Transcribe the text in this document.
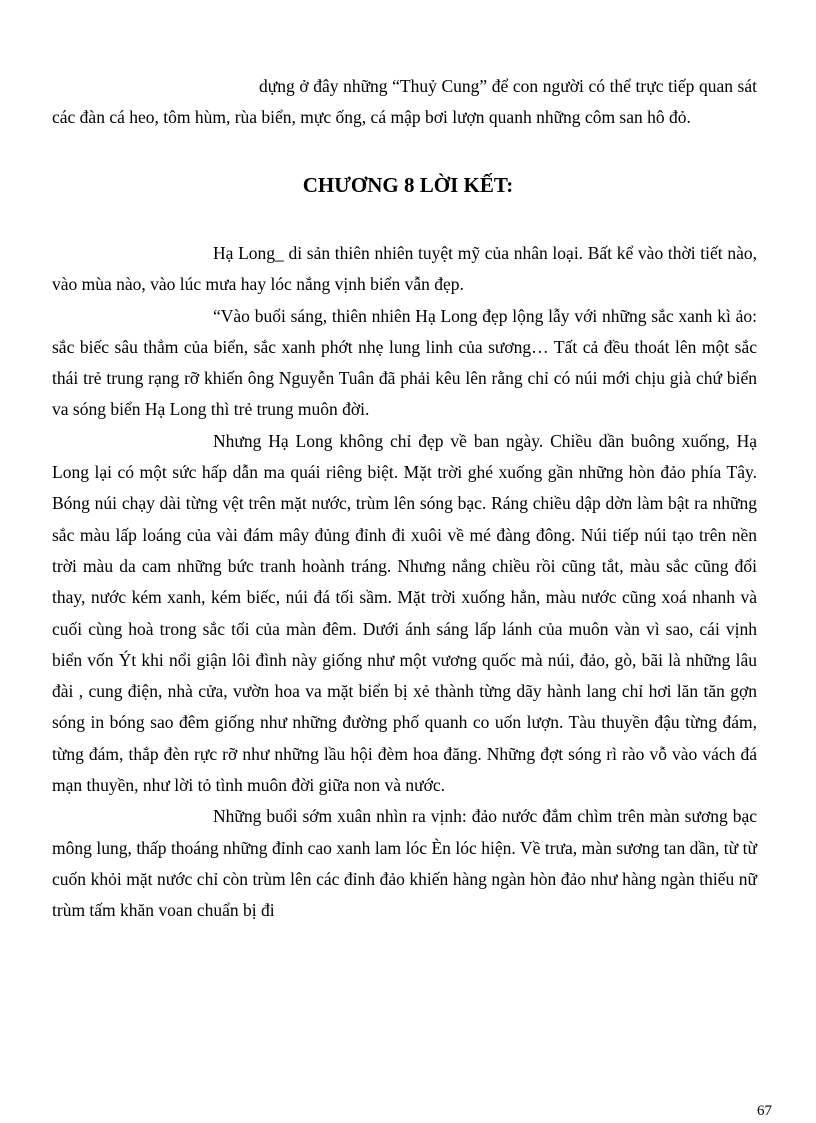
dựng ở đây những “Thuỷ Cung” để con người có thể trực tiếp quan sát các đàn cá heo, tôm hùm, rùa biển, mực ống, cá mập bơi lượn quanh những côm san hô đỏ.

CHƯƠNG 8 LỜI KẾT:

Hạ Long_ di sản thiên nhiên tuyệt mỹ của nhân loại. Bất kể vào thời tiết nào, vào mùa nào, vào lúc mưa hay lóc nắng vịnh biển vẫn đẹp.

“Vào buổi sáng, thiên nhiên Hạ Long đẹp lộng lẫy với những sắc xanh kì ảo: sắc biếc sâu thẳm của biển, sắc xanh phớt nhẹ lung linh của sương… Tất cả đều thoát lên một sắc thái trẻ trung rạng rỡ khiến ông Nguyễn Tuân đã phải kêu lên rằng chỉ có núi mới chịu già chứ biển va sóng biển Hạ Long thì trẻ trung muôn đời.

Nhưng Hạ Long không chỉ đẹp về ban ngày. Chiều dần buông xuống, Hạ Long lại có một sức hấp dẫn ma quái riêng biệt. Mặt trời ghé xuống gần những hòn đảo phía Tây. Bóng núi chạy dài từng vệt trên mặt nước, trùm lên sóng bạc. Ráng chiều dập dờn làm bật ra những sắc màu lấp loáng của vài đám mây đủng đỉnh đi xuôi về mé đàng đông. Núi tiếp núi tạo trên nền trời màu da cam những bức tranh hoành tráng. Nhưng nắng chiều rồi cũng tắt, màu sắc cũng đổi thay, nước kém xanh, kém biếc, núi đá tối sầm. Mặt trời xuống hẳn, màu nước cũng xoá nhanh và cuối cùng hoà trong sắc tối của màn đêm. Dưới ánh sáng lấp lánh của muôn vàn vì sao, cái vịnh biển vốn Ýt khi nổi giận lôi đình này giống như một vương quốc mà núi, đảo, gò, bãi là những lâu đài , cung điện, nhà cửa, vườn hoa va mặt biển bị xẻ thành từng dãy hành lang chỉ hơi lăn tăn gợn sóng in bóng sao đêm giống như những đường phố quanh co uốn lượn. Tàu thuyền đậu từng đám, từng đám, thắp đèn rực rỡ như những lầu hội đèm hoa đăng. Những đợt sóng rì rào vỗ vào vách đá mạn thuyền, như lời tỏ tình muôn đời giữa non và nước.

Những buổi sớm xuân nhìn ra vịnh: đảo nước đắm chìm trên màn sương bạc mông lung, thấp thoáng những đỉnh cao xanh lam lóc Èn lóc hiện. Về trưa, màn sương tan dần, từ từ cuốn khỏi mặt nước chỉ còn trùm lên các đỉnh đảo khiến hàng ngàn hòn đảo như hàng ngàn thiếu nữ trùm tấm khăn voan chuẩn bị đi

67
